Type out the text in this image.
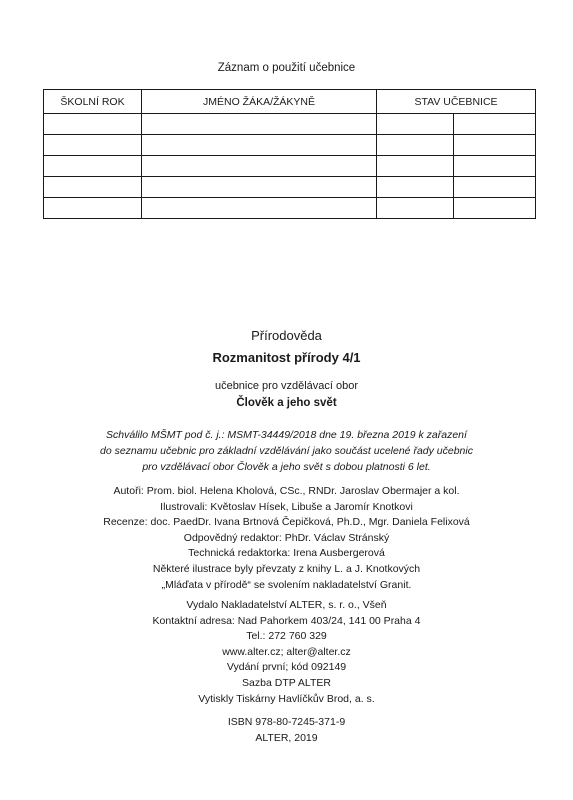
Záznam o použití učebnice
ŠKOLNÍ ROK	JMÉNO ŽÁKA/ŽÁKYNĚ	STAV UČEBNICE	

Přírodověda
Rozmanitost přírody 4/1
učebnice pro vzdělávací obor
Člověk a jeho svět
Schválilo MŠMT pod č. j.: MSMT-34449/2018 dne 19. března 2019 k zařazení
do seznamu učebnic pro základní vzdělávání jako součást ucelené řady učebnic
pro vzdělávací obor Člověk a jeho svět s dobou platnosti 6 let.
Autoři: Prom. biol. Helena Kholová, CSc., RNDr. Jaroslav Obermajer a kol.
Ilustrovali: Květoslav Hísek, Libuše a Jaromír Knotkovi
Recenze: doc. PaedDr. Ivana Brtnová Čepičková, Ph.D., Mgr. Daniela Felixová
Odpovědný redaktor: PhDr. Václav Stránský
Technická redaktorka: Irena Ausbergerová
Některé ilustrace byly převzaty z knihy L. a J. Knotkových
„Mláďata v přírodě“ se svolením nakladatelství Granit.
Vydalo Nakladatelství ALTER, s. r. o., Všeň
Kontaktní adresa: Nad Pahorkem 403/24, 141 00 Praha 4
Tel.: 272 760 329
www.alter.cz; alter@alter.cz
Vydání první; kód 092149
Sazba DTP ALTER
Vytiskly Tiskárny Havlíčkův Brod, a. s.
ISBN 978-80-7245-371-9
ALTER, 2019
